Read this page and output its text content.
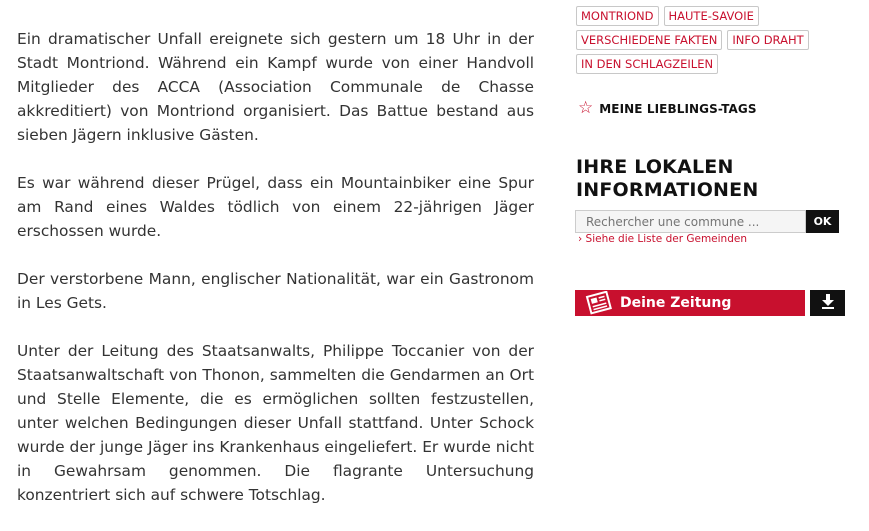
Ein dramatischer Unfall ereignete sich gestern um 18 Uhr in der Stadt Montriond. Während ein Kampf wurde von einer Handvoll Mitglieder des ACCA (Association Communale de Chasse akkreditiert) von Montriond organisiert. Das Battue bestand aus sieben Jägern inklusive Gästen.

Es war während dieser Prügel, dass ein Mountainbiker eine Spur am Rand eines Waldes tödlich von einem 22-jährigen Jäger erschossen wurde.

Der verstorbene Mann, englischer Nationalität, war ein Gastronom in Les Gets.

Unter der Leitung des Staatsanwalts, Philippe Toccanier von der Staatsanwaltschaft von Thonon, sammelten die Gendarmen an Ort und Stelle Elemente, die es ermöglichen sollten festzustellen, unter welchen Bedingungen dieser Unfall stattfand. Unter Schock wurde der junge Jäger ins Krankenhaus eingeliefert. Er wurde nicht in Gewahrsam genommen. Die flagrante Untersuchung konzentriert sich auf schwere Totschlag.

MONTRIOND	HAUTE-SAVOIE
VERSCHIEDENE FAKTEN	INFO DRAHT
IN DEN SCHLAGZEILEN
☆ MEINE LIEBLINGS-TAGS
IHRE LOKALEN
INFORMATIONEN
Rechercher une commune ...
OK
› Siehe die Liste der Gemeinden
Deine Zeitung
